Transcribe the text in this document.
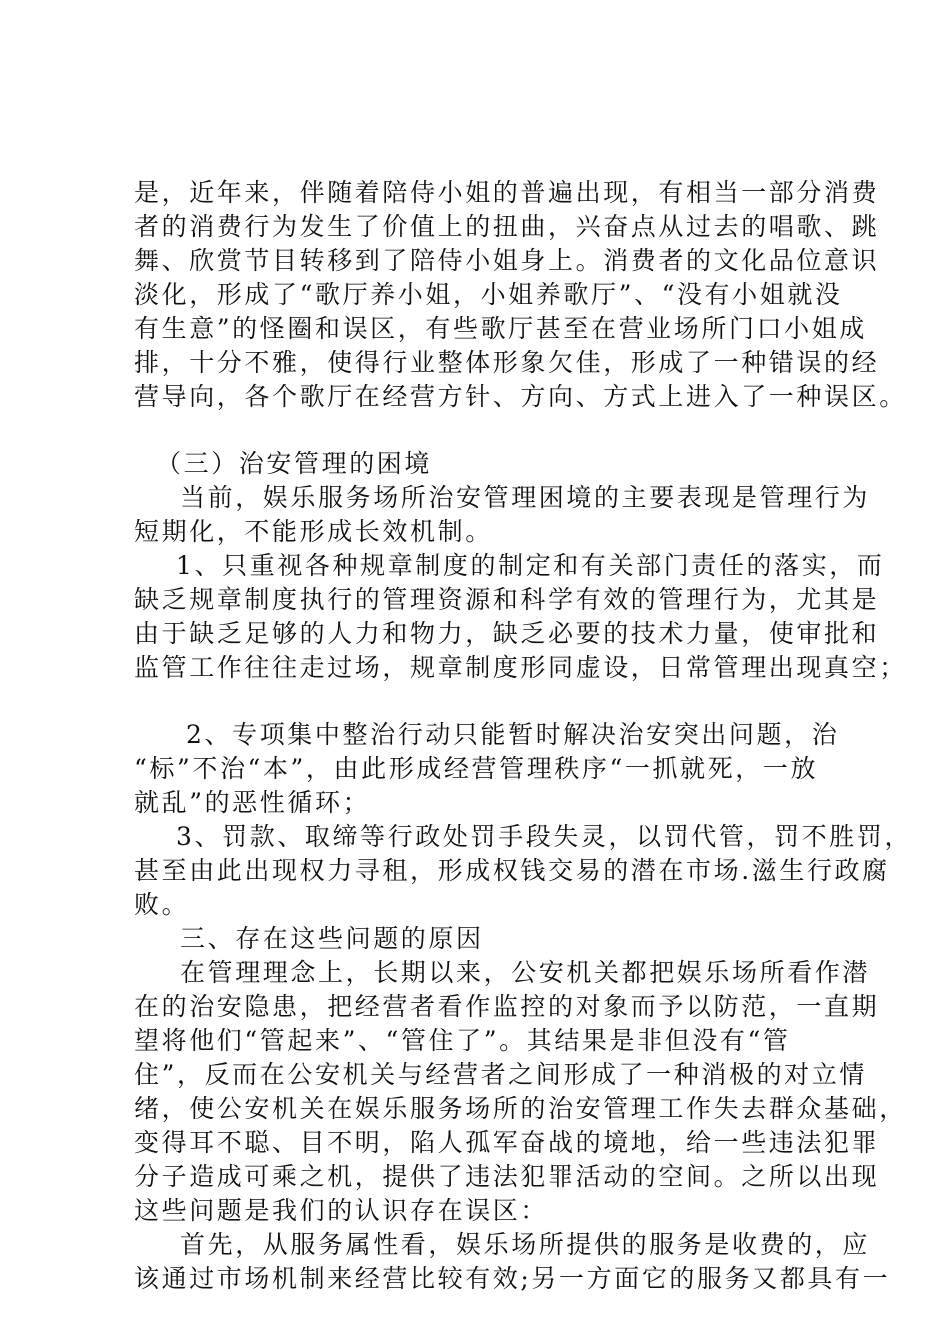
是，近年来，伴随着陪侍小姐的普遍出现，有相当一部分消费
者的消费行为发生了价值上的扭曲，兴奋点从过去的唱歌、跳
舞、欣赏节目转移到了陪侍小姐身上。消费者的文化品位意识
淡化，形成了“歌厅养小姐，小姐养歌厅”、“没有小姐就没
有生意”的怪圈和误区，有些歌厅甚至在营业场所门口小姐成
排，十分不雅，使得行业整体形象欠佳，形成了一种错误的经
营导向，各个歌厅在经营方针、方向、方式上进入了一种误区。
（三）治安管理的困境
当前，娱乐服务场所治安管理困境的主要表现是管理行为
短期化，不能形成长效机制。
1、只重视各种规章制度的制定和有关部门责任的落实，而
缺乏规章制度执行的管理资源和科学有效的管理行为，尤其是
由于缺乏足够的人力和物力，缺乏必要的技术力量，使审批和
监管工作往往走过场，规章制度形同虚设，日常管理出现真空；
2、专项集中整治行动只能暂时解决治安突出问题，治
“标”不治“本”，由此形成经营管理秩序“一抓就死，一放
就乱”的恶性循环；
3、罚款、取缔等行政处罚手段失灵，以罚代管，罚不胜罚，
甚至由此出现权力寻租，形成权钱交易的潜在市场.滋生行政腐
败。
三、存在这些问题的原因
在管理理念上，长期以来，公安机关都把娱乐场所看作潜
在的治安隐患，把经营者看作监控的对象而予以防范，一直期
望将他们“管起来”、“管住了”。其结果是非但没有“管
住”，反而在公安机关与经营者之间形成了一种消极的对立情
绪，使公安机关在娱乐服务场所的治安管理工作失去群众基础，
变得耳不聪、目不明，陷人孤军奋战的境地，给一些违法犯罪
分子造成可乘之机，提供了违法犯罪活动的空间。之所以出现
这些问题是我们的认识存在误区：
首先，从服务属性看，娱乐场所提供的服务是收费的，应
该通过市场机制来经营比较有效;另一方面它的服务又都具有一
